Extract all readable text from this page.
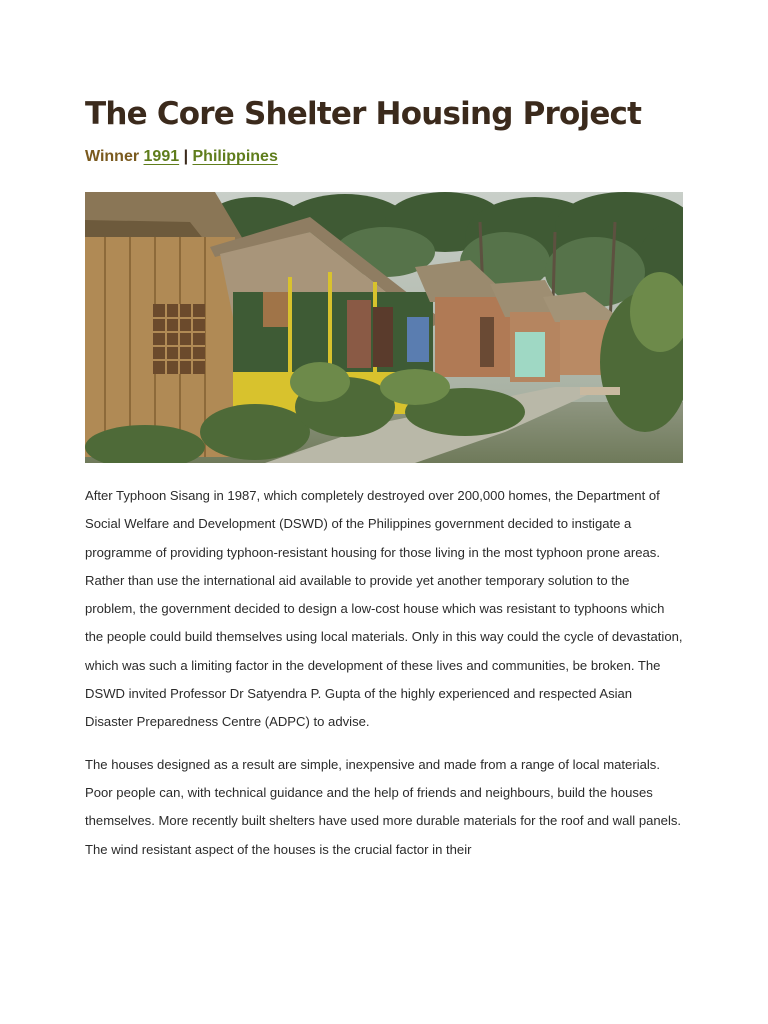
The Core Shelter Housing Project
Winner 1991 | Philippines

After Typhoon Sisang in 1987, which completely destroyed over 200,000 homes, the Department of Social Welfare and Development (DSWD) of the Philippines government decided to instigate a programme of providing typhoon-resistant housing for those living in the most typhoon prone areas. Rather than use the international aid available to provide yet another temporary solution to the problem, the government decided to design a low-cost house which was resistant to typhoons which the people could build themselves using local materials. Only in this way could the cycle of devastation, which was such a limiting factor in the development of these lives and communities, be broken. The DSWD invited Professor Dr Satyendra P. Gupta of the highly experienced and respected Asian Disaster Preparedness Centre (ADPC) to advise.

The houses designed as a result are simple, inexpensive and made from a range of local materials. Poor people can, with technical guidance and the help of friends and neighbours, build the houses themselves. More recently built shelters have used more durable materials for the roof and wall panels. The wind resistant aspect of the houses is the crucial factor in their
